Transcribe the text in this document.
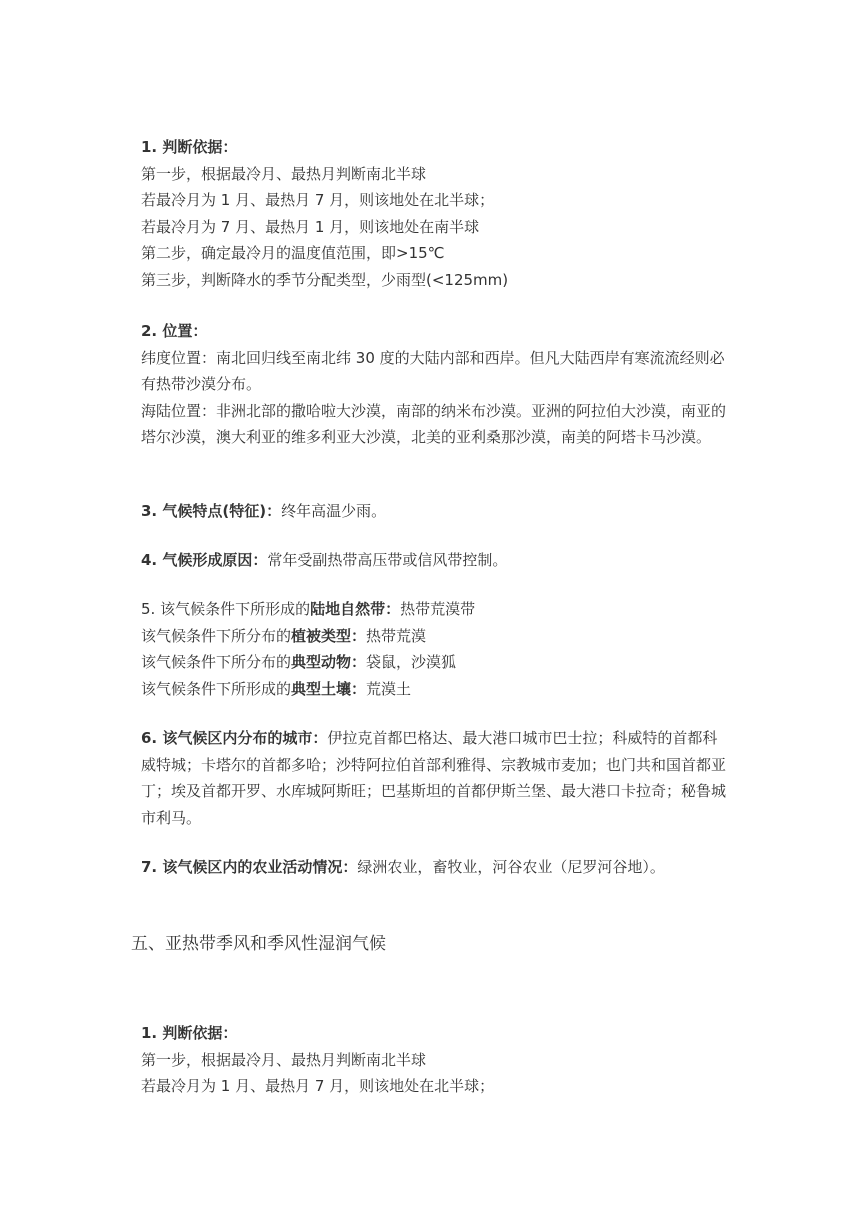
1. 判断依据：
第一步，根据最冷月、最热月判断南北半球
若最冷月为 1 月、最热月 7 月，则该地处在北半球；
若最冷月为 7 月、最热月 1 月，则该地处在南半球
第二步，确定最冷月的温度值范围，即>15℃
第三步，判断降水的季节分配类型，少雨型(<125mm)
2. 位置：
纬度位置：南北回归线至南北纬 30 度的大陆内部和西岸。但凡大陆西岸有寒流流经则必有热带沙漠分布。
海陆位置：非洲北部的撒哈啦大沙漠，南部的纳米布沙漠。亚洲的阿拉伯大沙漠，南亚的塔尔沙漠，澳大利亚的维多利亚大沙漠，北美的亚利桑那沙漠，南美的阿塔卡马沙漠。
3. 气候特点(特征)：终年高温少雨。
4. 气候形成原因：常年受副热带高压带或信风带控制。
5. 该气候条件下所形成的陆地自然带：热带荒漠带
该气候条件下所分布的植被类型：热带荒漠
该气候条件下所分布的典型动物：袋鼠，沙漠狐
该气候条件下所形成的典型土壤：荒漠土
6. 该气候区内分布的城市：伊拉克首都巴格达、最大港口城市巴士拉；科威特的首都科威特城；卡塔尔的首都多哈；沙特阿拉伯首部利雅得、宗教城市麦加；也门共和国首都亚丁；埃及首都开罗、水库城阿斯旺；巴基斯坦的首都伊斯兰堡、最大港口卡拉奇；秘鲁城市利马。
7. 该气候区内的农业活动情况：绿洲农业，畜牧业，河谷农业（尼罗河谷地）。
五、亚热带季风和季风性湿润气候
1. 判断依据：
第一步，根据最冷月、最热月判断南北半球
若最冷月为 1 月、最热月 7 月，则该地处在北半球；
